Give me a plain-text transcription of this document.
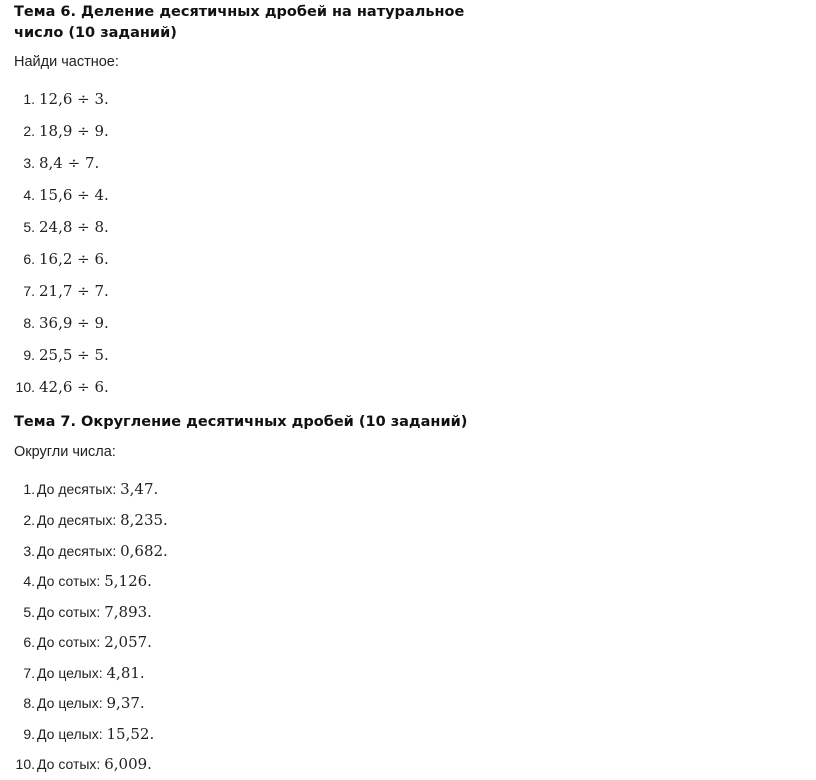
Тема 6. Деление десятичных дробей на натуральное число (10 заданий)

Найди частное:

1. 12,6 ÷ 3.
2. 18,9 ÷ 9.
3. 8,4 ÷ 7.
4. 15,6 ÷ 4.
5. 24,8 ÷ 8.
6. 16,2 ÷ 6.
7. 21,7 ÷ 7.
8. 36,9 ÷ 9.
9. 25,5 ÷ 5.
10. 42,6 ÷ 6.
Тема 7. Округление десятичных дробей (10 заданий)

Округли числа:

1. До десятых: 3,47.
2. До десятых: 8,235.
3. До десятых: 0,682.
4. До сотых: 5,126.
5. До сотых: 7,893.
6. До сотых: 2,057.
7. До целых: 4,81.
8. До целых: 9,37.
9. До целых: 15,52.
10. До сотых: 6,009.
